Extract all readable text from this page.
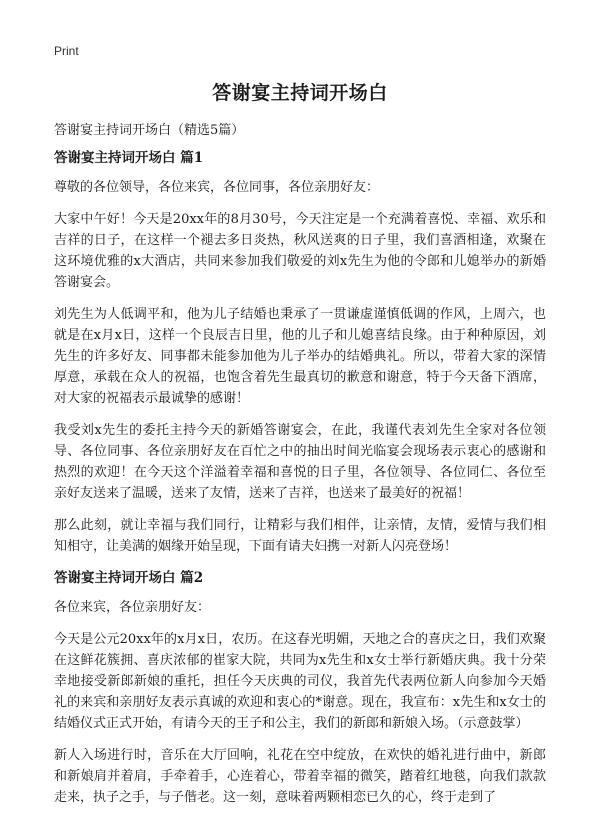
Print
答谢宴主持词开场白
答谢宴主持词开场白（精选5篇）
答谢宴主持词开场白 篇1

尊敬的各位领导，各位来宾，各位同事，各位亲朋好友：

大家中午好！今天是20xx年的8月30号，今天注定是一个充满着喜悦、幸福、欢乐和吉祥的日子，在这样一个褪去多日炎热，秋风送爽的日子里，我们喜酒相逢，欢聚在这环境优雅的x大酒店，共同来参加我们敬爱的刘x先生为他的令郎和儿媳举办的新婚答谢宴会。

刘先生为人低调平和，他为儿子结婚也秉承了一贯谦虚谨慎低调的作风，上周六，也就是在x月x日，这样一个良辰吉日里，他的儿子和儿媳喜结良缘。由于种种原因，刘先生的许多好友、同事都未能参加他为儿子举办的结婚典礼。所以，带着大家的深情厚意，承载在众人的祝福，也饱含着先生最真切的歉意和谢意，特于今天备下酒席，对大家的祝福表示最诚挚的感谢！

我受刘x先生的委托主持今天的新婚答谢宴会，在此，我谨代表刘先生全家对各位领导、各位同事、各位亲朋好友在百忙之中的抽出时间光临宴会现场表示衷心的感谢和热烈的欢迎！在今天这个洋溢着幸福和喜悦的日子里，各位领导、各位同仁、各位至亲好友送来了温暖，送来了友情，送来了吉祥，也送来了最美好的祝福！

那么此刻，就让幸福与我们同行，让精彩与我们相伴，让亲情，友情，爱情与我们相知相守，让美满的姻缘开始呈现，下面有请夫妇携一对新人闪亮登场！

答谢宴主持词开场白 篇2

各位来宾，各位亲朋好友：

今天是公元20xx年的x月x日，农历。在这春光明媚，天地之合的喜庆之日，我们欢聚在这鲜花簇拥、喜庆浓郁的崔家大院，共同为x先生和x女士举行新婚庆典。我十分荣幸地接受新郎新娘的重托，担任今天庆典的司仪，我首先代表两位新人向参加今天婚礼的来宾和亲朋好友表示真诚的欢迎和衷心的*谢意。现在，我宣布：x先生和x女士的结婚仪式正式开始，有请今天的王子和公主，我们的新郎和新娘入场。（示意鼓掌）

新人入场进行时，音乐在大厅回响，礼花在空中绽放，在欢快的婚礼进行曲中，新郎和新娘肩并着肩，手牵着手，心连着心，带着幸福的微笑，踏着红地毯，向我们款款走来，执子之手，与子偕老。这一刻，意味着两颗相恋已久的心，终于走到了
